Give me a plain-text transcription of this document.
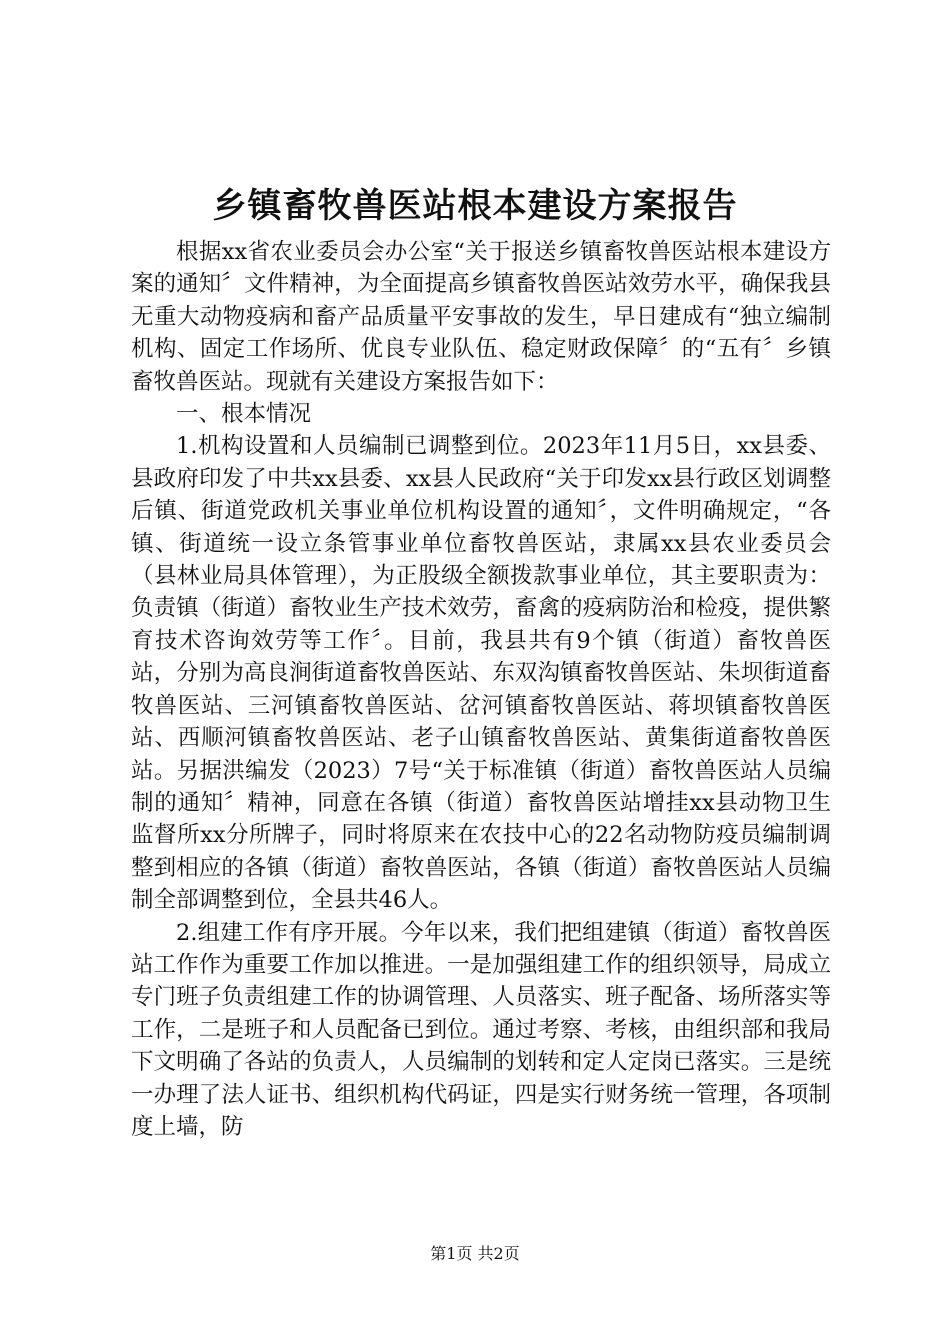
乡镇畜牧兽医站根本建设方案报告

根据xx省农业委员会办公室“关于报送乡镇畜牧兽医站根本建设方案的通知〞文件精神，为全面提高乡镇畜牧兽医站效劳水平，确保我县无重大动物疫病和畜产品质量平安事故的发生，早日建成有“独立编制机构、固定工作场所、优良专业队伍、稳定财政保障〞的“五有〞乡镇畜牧兽医站。现就有关建设方案报告如下：

一、根本情况

1.机构设置和人员编制已调整到位。2023年11月5日，xx县委、县政府印发了中共xx县委、xx县人民政府“关于印发xx县行政区划调整后镇、街道党政机关事业单位机构设置的通知〞，文件明确规定，“各镇、街道统一设立条管事业单位畜牧兽医站，隶属xx县农业委员会（县林业局具体管理），为正股级全额拨款事业单位，其主要职责为：负责镇（街道）畜牧业生产技术效劳，畜禽的疫病防治和检疫，提供繁育技术咨询效劳等工作〞。目前，我县共有9个镇（街道）畜牧兽医站，分别为高良涧街道畜牧兽医站、东双沟镇畜牧兽医站、朱坝街道畜牧兽医站、三河镇畜牧兽医站、岔河镇畜牧兽医站、蒋坝镇畜牧兽医站、西顺河镇畜牧兽医站、老子山镇畜牧兽医站、黄集街道畜牧兽医站。另据洪编发（2023）7号“关于标准镇（街道）畜牧兽医站人员编制的通知〞精神，同意在各镇（街道）畜牧兽医站增挂xx县动物卫生监督所xx分所牌子，同时将原来在农技中心的22名动物防疫员编制调整到相应的各镇（街道）畜牧兽医站，各镇（街道）畜牧兽医站人员编制全部调整到位，全县共46人。

2.组建工作有序开展。今年以来，我们把组建镇（街道）畜牧兽医站工作作为重要工作加以推进。一是加强组建工作的组织领导，局成立专门班子负责组建工作的协调管理、人员落实、班子配备、场所落实等工作，二是班子和人员配备已到位。通过考察、考核，由组织部和我局下文明确了各站的负责人，人员编制的划转和定人定岗已落实。三是统一办理了法人证书、组织机构代码证，四是实行财务统一管理，各项制度上墙，防

第1页 共2页
